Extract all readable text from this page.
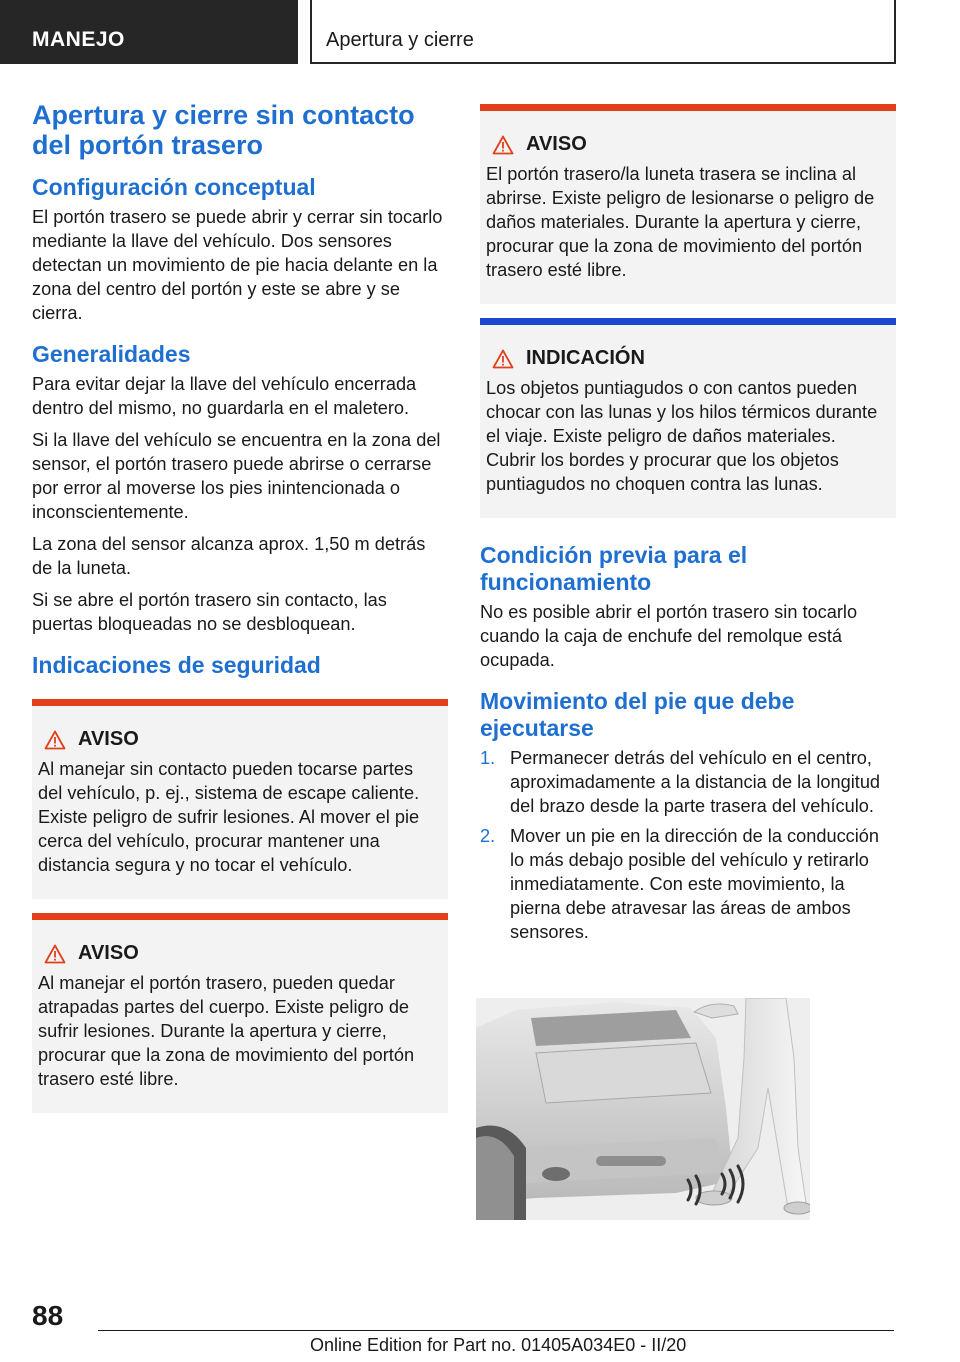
MANEJO	Apertura y cierre
Apertura y cierre sin contacto del portón trasero
Configuración conceptual

El portón trasero se puede abrir y cerrar sin tocarlo mediante la llave del vehículo. Dos sensores detectan un movimiento de pie hacia delante en la zona del centro del portón y este se abre y se cierra.

Generalidades

Para evitar dejar la llave del vehículo encerrada dentro del mismo, no guardarla en el maletero.

Si la llave del vehículo se encuentra en la zona del sensor, el portón trasero puede abrirse o cerrarse por error al moverse los pies inintencionada o inconscientemente.

La zona del sensor alcanza aprox. 1,50 m detrás de la luneta.

Si se abre el portón trasero sin contacto, las puertas bloqueadas no se desbloquean.

Indicaciones de seguridad
AVISO

Al manejar sin contacto pueden tocarse partes del vehículo, p. ej., sistema de escape caliente. Existe peligro de sufrir lesiones. Al mover el pie cerca del vehículo, procurar mantener una distancia segura y no tocar el vehículo.

AVISO

Al manejar el portón trasero, pueden quedar atrapadas partes del cuerpo. Existe peligro de sufrir lesiones. Durante la apertura y cierre, procurar que la zona de movimiento del portón trasero esté libre.

AVISO

El portón trasero/la luneta trasera se inclina al abrirse. Existe peligro de lesionarse o peligro de daños materiales. Durante la apertura y cierre, procurar que la zona de movimiento del portón trasero esté libre.

INDICACIÓN

Los objetos puntiagudos o con cantos pueden chocar con las lunas y los hilos térmicos durante el viaje. Existe peligro de daños materiales. Cubrir los bordes y procurar que los objetos puntiagudos no choquen contra las lunas.

Condición previa para el funcionamiento

No es posible abrir el portón trasero sin tocarlo cuando la caja de enchufe del remolque está ocupada.

Movimiento del pie que debe ejecutarse
1. Permanecer detrás del vehículo en el centro, aproximadamente a la distancia de la longitud del brazo desde la parte trasera del vehículo.

2. Mover un pie en la dirección de la conducción lo más debajo posible del vehículo y retirarlo inmediatamente. Con este movimiento, la pierna debe atravesar las áreas de ambos sensores.

88
Online Edition for Part no. 01405A034E0 - II/20
